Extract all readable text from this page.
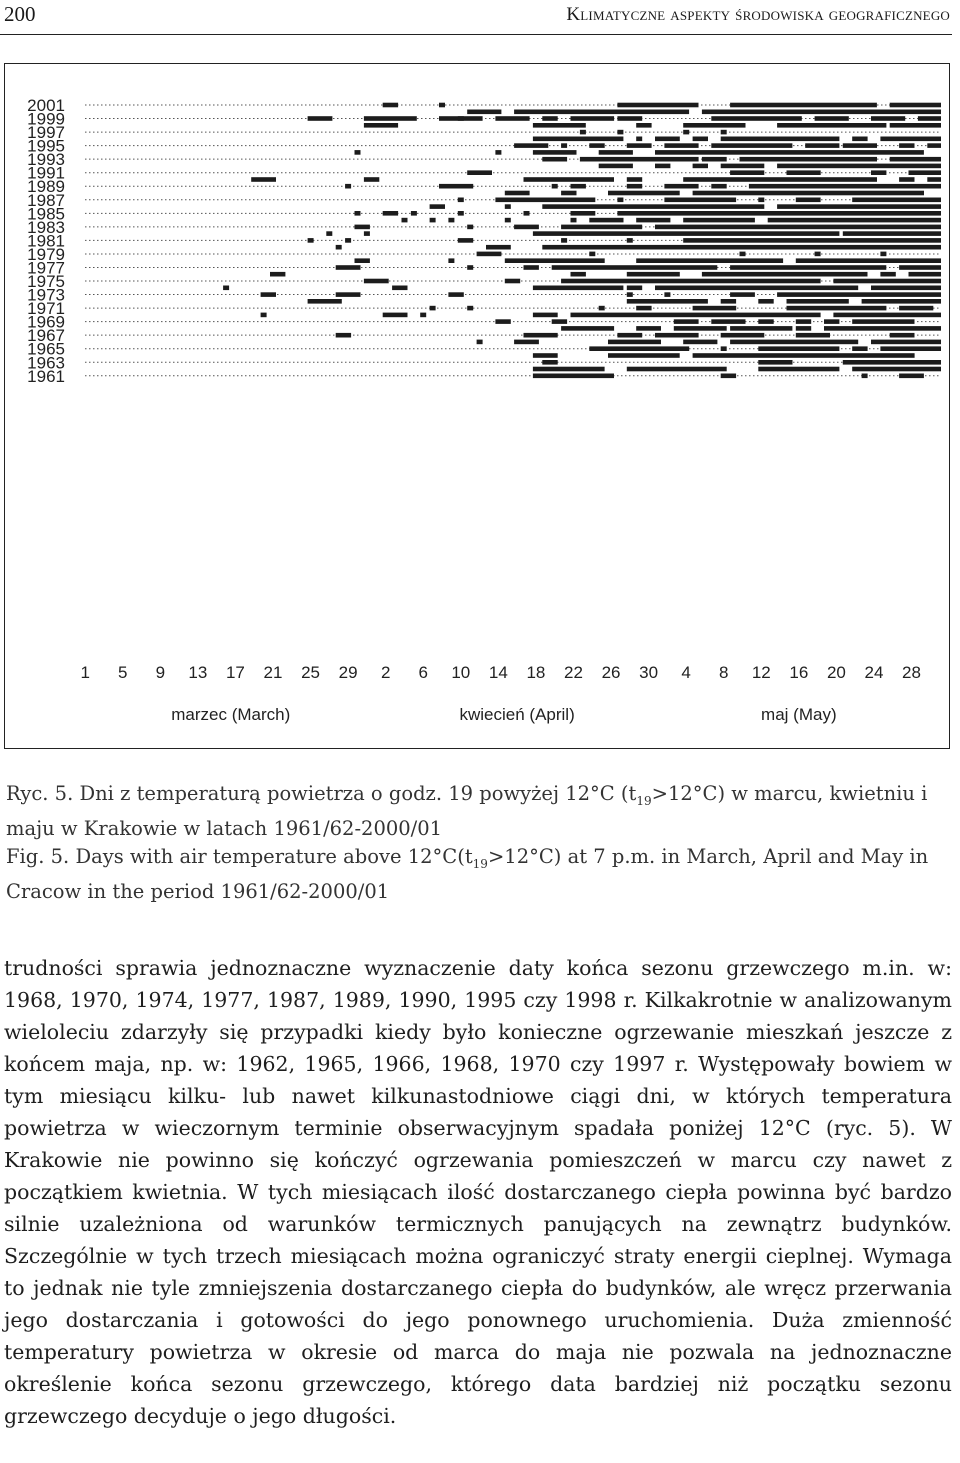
200	Klimatyczne aspekty środowiska geograficznego
2001
1999
1997
1995
1993
1991
1989
1987
1985
1983
1981
1979
1977
1975
1973
1971
1969
1967
1965
1963
1961
1 5 9 13 17 21 25 29 2 6 10 14 18 22 26 30 4 8 12 16 20 24 28
marzec (March)	kwiecień (April)	maj (May)

Ryc. 5. Dni z temperaturą powietrza o godz. 19 powyżej 12°C $(t_{19}>12^\circ C)$ w marcu, kwietniu i maju w Krakowie w latach 1961/62-2000/01

Fig. 5. Days with air temperature above $12^\circ C(t_{19}>12^\circ C)$ at 7 p.m. in March, April and May in Cracow in the period 1961/62-2000/01

trudności sprawia jednoznaczne wyznaczenie daty końca sezonu grzewczego m.in. w: 1968, 1970, 1974, 1977, 1987, 1989, 1990, 1995 czy 1998 r. Kilkakrotnie w analizowanym wieloleciu zdarzyły się przypadki kiedy było konieczne ogrzewanie mieszkań jeszcze z końcem maja, np. w: 1962, 1965, 1966, 1968, 1970 czy 1997 r. Występowały bowiem w tym miesiącu kilku- lub nawet kilkunastodniowe ciągi dni, w których temperatura powietrza w wieczornym terminie obserwacyjnym spadała poniżej 12°C (ryc. 5). W Krakowie nie powinno się kończyć ogrzewania pomieszczeń w marcu czy nawet z początkiem kwietnia. W tych miesiącach ilość dostarczanego ciepła powinna być bardzo silnie uzależniona od warunków termicznych panujących na zewnątrz budynków. Szczególnie w tych trzech miesiącach można ograniczyć straty energii cieplnej. Wymaga to jednak nie tyle zmniejszenia dostarczanego ciepła do budynków, ale wręcz przerwania jego dostarczania i gotowości do jego ponownego uruchomienia. Duża zmienność temperatury powietrza w okresie od marca do maja nie pozwala na jednoznaczne określenie końca sezonu grzewczego, którego data bardziej niż początku sezonu grzewczego decyduje o jego długości.
